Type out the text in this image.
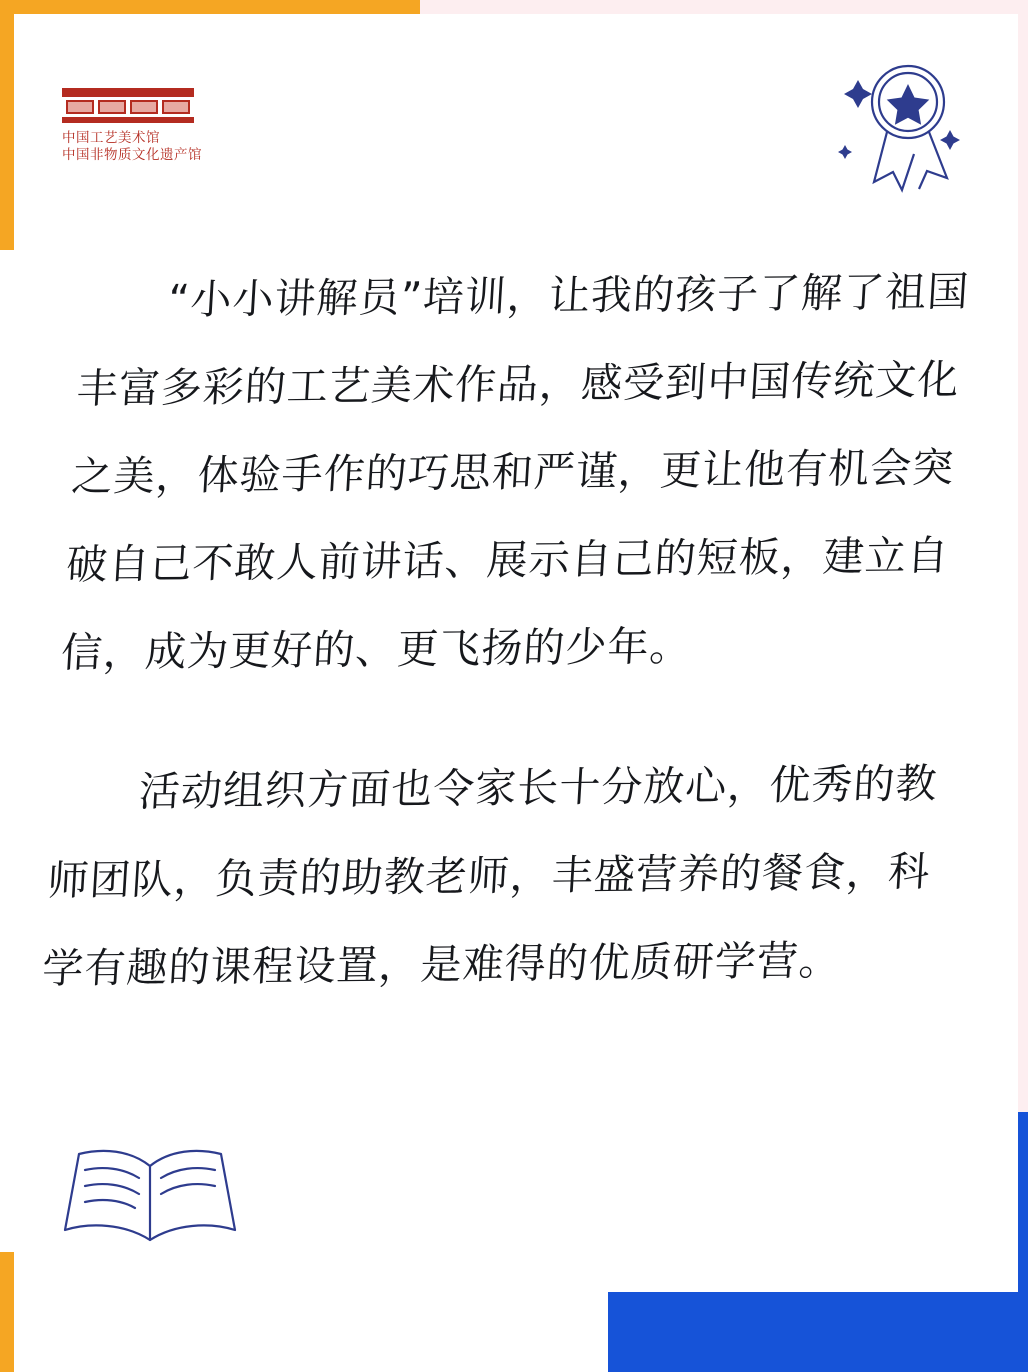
中国工艺美术馆
中国非物质文化遗产馆

“小小讲解员”培训，让我的孩子了解了祖国丰富多彩的工艺美术作品，感受到中国传统文化之美，体验手作的巧思和严谨，更让他有机会突破自己不敢人前讲话、展示自己的短板，建立自信，成为更好的、更飞扬的少年。

活动组织方面也令家长十分放心，优秀的教师团队，负责的助教老师，丰盛营养的餐食，科学有趣的课程设置，是难得的优质研学营。
